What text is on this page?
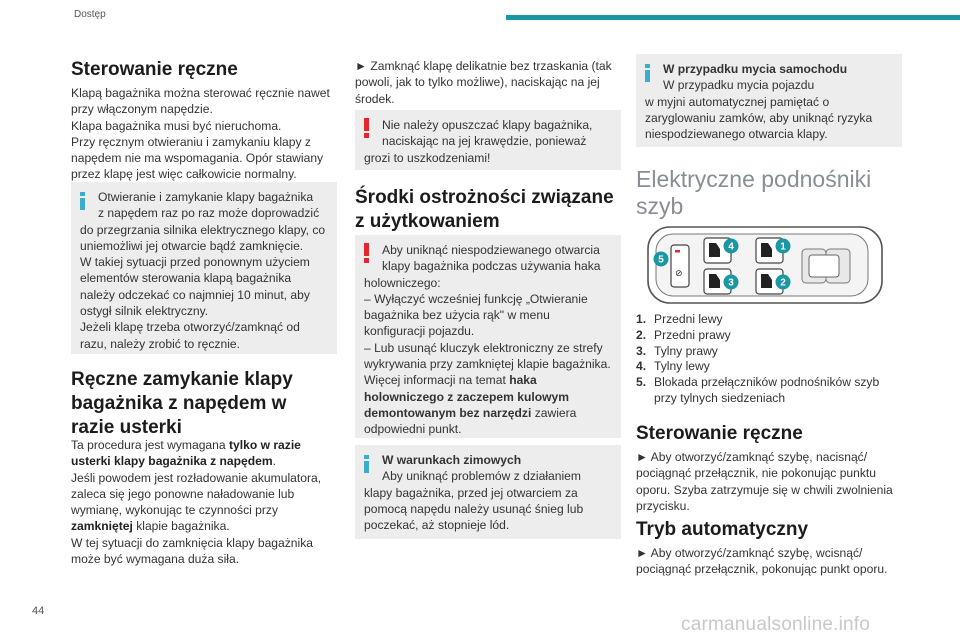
Dostęp
Sterowanie ręczne
Klapą bagażnika można sterować ręcznie nawet
przy włączonym napędzie.
Klapa bagażnika musi być nieruchoma.
Przy ręcznym otwieraniu i zamykaniu klapy z
napędem nie ma wspomagania. Opór stawiany
przez klapę jest więc całkowicie normalny.
Otwieranie i zamykanie klapy bagażnika
z napędem raz po raz może doprowadzić
do przegrzania silnika elektrycznego klapy, co
uniemożliwi jej otwarcie bądź zamknięcie.
W takiej sytuacji przed ponownym użyciem
elementów sterowania klapą bagażnika
należy odczekać co najmniej 10 minut, aby
ostygł silnik elektryczny.
Jeżeli klapę trzeba otworzyć/zamknąć od
razu, należy zrobić to ręcznie.
Ręczne zamykanie klapy
bagażnika z napędem w
razie usterki
Ta procedura jest wymagana tylko w razie
usterki klapy bagażnika z napędem.
Jeśli powodem jest rozładowanie akumulatora,
zaleca się jego ponowne naładowanie lub
wymianę, wykonując te czynności przy
zamkniętej klapie bagażnika.
W tej sytuacji do zamknięcia klapy bagażnika
może być wymagana duża siła.
► Zamknąć klapę delikatnie bez trzaskania (tak
powoli, jak to tylko możliwe), naciskając na jej
środek.
Nie należy opuszczać klapy bagażnika,
naciskając na jej krawędzie, ponieważ
grozi to uszkodzeniami!
Środki ostrożności związane
z użytkowaniem
Aby uniknąć niespodziewanego otwarcia
klapy bagażnika podczas używania haka
holowniczego:
– Wyłączyć wcześniej funkcję „Otwieranie
bagażnika bez użycia rąk" w menu
konfiguracji pojazdu.
– Lub usunąć kluczyk elektroniczny ze strefy
wykrywania przy zamkniętej klapie bagażnika.
Więcej informacji na temat haka
holowniczego z zaczepem kulowym
demontowanym bez narzędzi zawiera
odpowiedni punkt.
W warunkach zimowych
Aby uniknąć problemów z działaniem
klapy bagażnika, przed jej otwarciem za
pomocą napędu należy usunąć śnieg lub
poczekać, aż stopnieje lód.
W przypadku mycia samochodu
W przypadku mycia pojazdu
w myjni automatycznej pamiętać o
zaryglowaniu zamków, aby uniknąć ryzyka
niespodziewanego otwarcia klapy.
Elektryczne podnośniki
szyb
⊘
1
2
3
4
5
1. Przedni lewy
2. Przedni prawy
3. Tylny prawy
4. Tylny lewy
5. Blokada przełączników podnośników szyb
przy tylnych siedzeniach
Sterowanie ręczne
► Aby otworzyć/zamknąć szybę, nacisnąć/
pociągnąć przełącznik, nie pokonując punktu
oporu. Szyba zatrzymuje się w chwili zwolnienia
przycisku.
Tryb automatyczny
► Aby otworzyć/zamknąć szybę, wcisnąć/
pociągnąć przełącznik, pokonując punkt oporu.
44
carmanualsonline.info
